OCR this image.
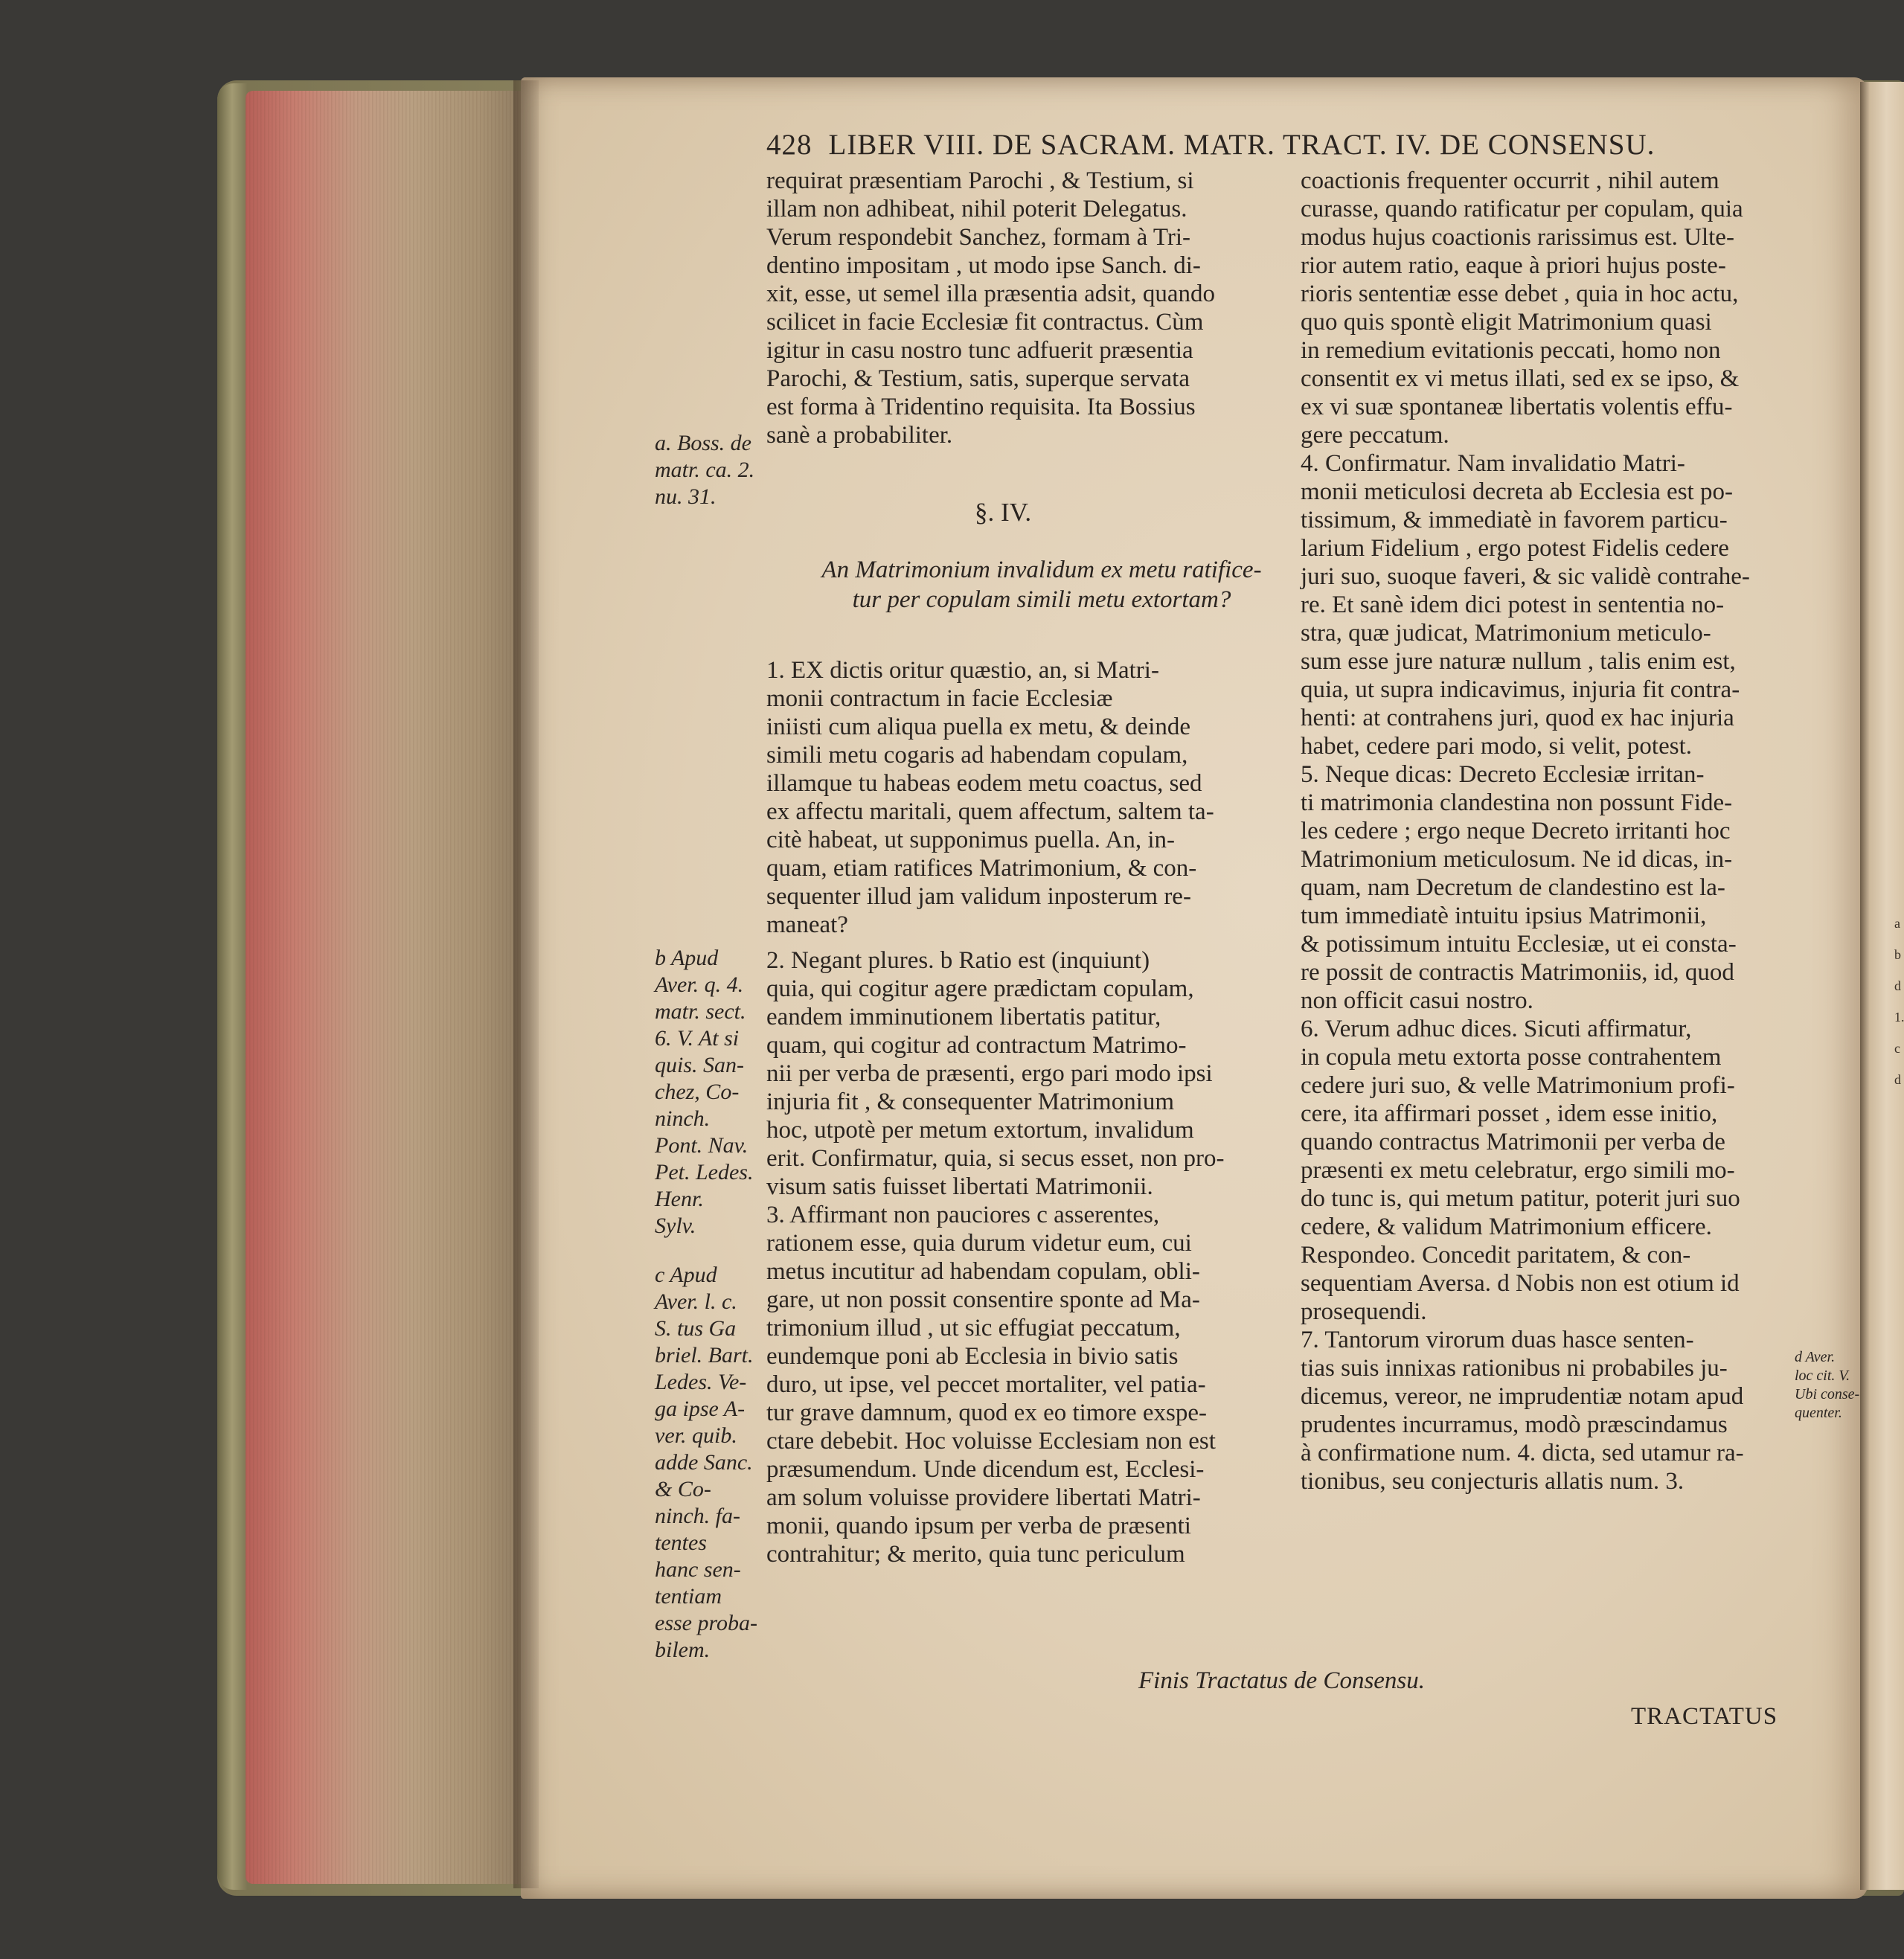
428 LIBER VIII. DE SACRAM. MATR. TRACT. IV. DE CONSENSU.
requirat præsentiam Parochi , & Testium, si
illam non adhibeat, nihil poterit Delegatus.
Verum respondebit Sanchez, formam à Tri-
dentino impositam , ut modo ipse Sanch. di-
xit, esse, ut semel illa præsentia adsit, quando
scilicet in facie Ecclesiæ fit contractus. Cùm
igitur in casu nostro tunc adfuerit præsentia
Parochi, & Testium, satis, superque servata
est forma à Tridentino requisita. Ita Bossius
sanè a probabiliter.
§. IV.
An Matrimonium invalidum ex metu ratifice-
tur per copulam simili metu extortam?
1. EX dictis oritur quæstio, an, si Matri-
monii contractum in facie Ecclesiæ
iniisti cum aliqua puella ex metu, & deinde
simili metu cogaris ad habendam copulam,
illamque tu habeas eodem metu coactus, sed
ex affectu maritali, quem affectum, saltem ta-
citè habeat, ut supponimus puella. An, in-
quam, etiam ratifices Matrimonium, & con-
sequenter illud jam validum inposterum re-
maneat?
2. Negant plures. b Ratio est (inquiunt)
quia, qui cogitur agere prædictam copulam,
eandem imminutionem libertatis patitur,
quam, qui cogitur ad contractum Matrimo-
nii per verba de præsenti, ergo pari modo ipsi
injuria fit , & consequenter Matrimonium
hoc, utpotè per metum extortum, invalidum
erit. Confirmatur, quia, si secus esset, non pro-
visum satis fuisset libertati Matrimonii.
3. Affirmant non pauciores c asserentes,
rationem esse, quia durum videtur eum, cui
metus incutitur ad habendam copulam, obli-
gare, ut non possit consentire sponte ad Ma-
trimonium illud , ut sic effugiat peccatum,
eundemque poni ab Ecclesia in bivio satis
duro, ut ipse, vel peccet mortaliter, vel patia-
tur grave damnum, quod ex eo timore exspe-
ctare debebit. Hoc voluisse Ecclesiam non est
præsumendum. Unde dicendum est, Ecclesi-
am solum voluisse providere libertati Matri-
monii, quando ipsum per verba de præsenti
contrahitur; & merito, quia tunc periculum
coactionis frequenter occurrit , nihil autem
curasse, quando ratificatur per copulam, quia
modus hujus coactionis rarissimus est. Ulte-
rior autem ratio, eaque à priori hujus poste-
rioris sententiæ esse debet , quia in hoc actu,
quo quis spontè eligit Matrimonium quasi
in remedium evitationis peccati, homo non
consentit ex vi metus illati, sed ex se ipso, &
ex vi suæ spontaneæ libertatis volentis effu-
gere peccatum.
4. Confirmatur. Nam invalidatio Matri-
monii meticulosi decreta ab Ecclesia est po-
tissimum, & immediatè in favorem particu-
larium Fidelium , ergo potest Fidelis cedere
juri suo, suoque faveri, & sic validè contrahe-
re. Et sanè idem dici potest in sententia no-
stra, quæ judicat, Matrimonium meticulo-
sum esse jure naturæ nullum , talis enim est,
quia, ut supra indicavimus, injuria fit contra-
henti: at contrahens juri, quod ex hac injuria
habet, cedere pari modo, si velit, potest.
5. Neque dicas: Decreto Ecclesiæ irritan-
ti matrimonia clandestina non possunt Fide-
les cedere ; ergo neque Decreto irritanti hoc
Matrimonium meticulosum. Ne id dicas, in-
quam, nam Decretum de clandestino est la-
tum immediatè intuitu ipsius Matrimonii,
& potissimum intuitu Ecclesiæ, ut ei consta-
re possit de contractis Matrimoniis, id, quod
non officit casui nostro.
6. Verum adhuc dices. Sicuti affirmatur,
in copula metu extorta posse contrahentem
cedere juri suo, & velle Matrimonium profi-
cere, ita affirmari posset , idem esse initio,
quando contractus Matrimonii per verba de
præsenti ex metu celebratur, ergo simili mo-
do tunc is, qui metum patitur, poterit juri suo
cedere, & validum Matrimonium efficere.
Respondeo. Concedit paritatem, & con-
sequentiam Aversa. d Nobis non est otium id
prosequendi.
7. Tantorum virorum duas hasce senten-
tias suis innixas rationibus ni probabiles ju-
dicemus, vereor, ne imprudentiæ notam apud
prudentes incurramus, modò præscindamus
à confirmatione num. 4. dicta, sed utamur ra-
tionibus, seu conjecturis allatis num. 3.
a. Boss. de
matr. ca. 2.
nu. 31.
b Apud
Aver. q. 4.
matr. sect.
6. V. At si
quis. San-
chez, Co-
ninch.
Pont. Nav.
Pet. Ledes.
Henr.
Sylv.
c Apud
Aver. l. c.
S. tus Ga
briel. Bart.
Ledes. Ve-
ga ipse A-
ver. quib.
adde Sanc.
& Co-
ninch. fa-
tentes
hanc sen-
tentiam
esse proba-
bilem.
d Aver.
loc cit. V.
Ubi conse-
quenter.
Finis Tractatus de Consensu.
TRACTATUS
a
b
d
1.
c
d
